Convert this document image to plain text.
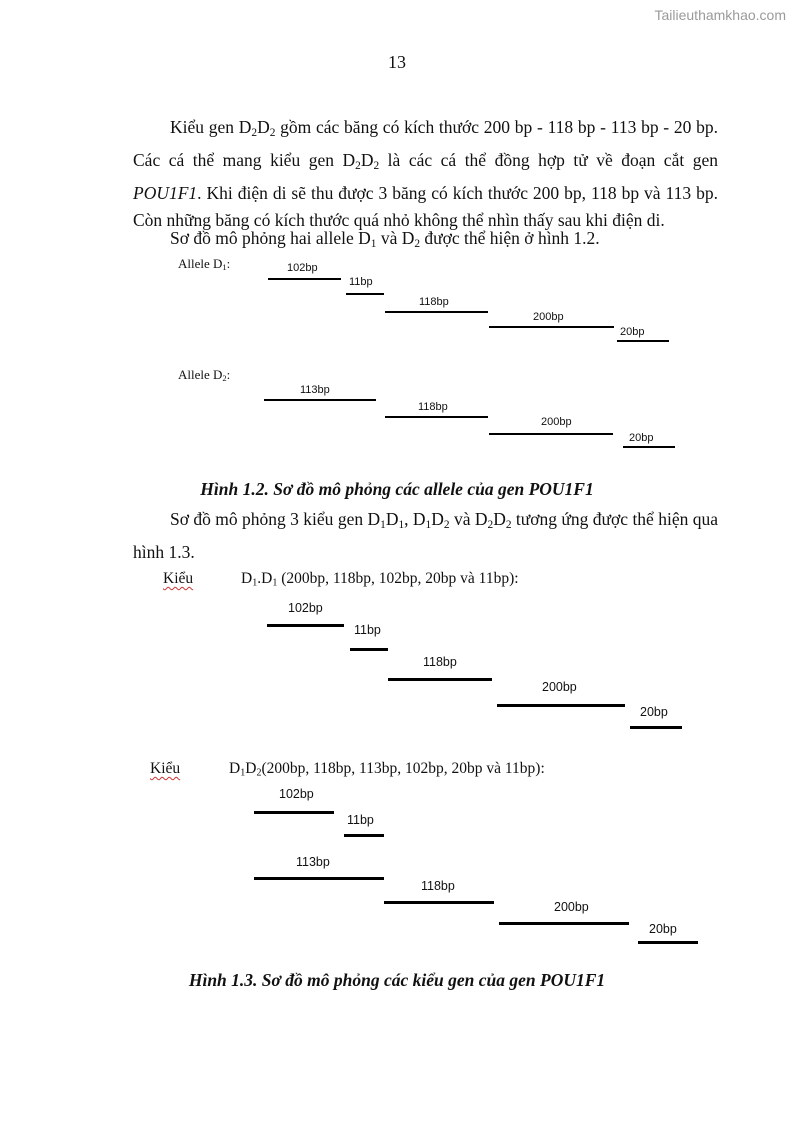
Tailieuthamkhao.com
13
Kiểu gen $D_2D_2$ gồm các băng có kích thước 200 bp - 118 bp - 113 bp - 20 bp. Các cá thể mang kiểu gen $D_2D_2$ là các cá thể đồng hợp tử về đoạn cắt gen POU1F1. Khi điện di sẽ thu được 3 băng có kích thước 200 bp, 118 bp và 113 bp. Còn những băng có kích thước quá nhỏ không thể nhìn thấy sau khi điện di.
Sơ đồ mô phỏng hai allele $D_1$ và $D_2$ được thể hiện ở hình 1.2.
Allele $D_1$:	102bp
11bp
118bp
200bp
20bp
Allele $D_2$:
113bp
118bp
200bp
20bp
Hình 1.2. Sơ đồ mô phỏng các allele của gen POU1F1
Sơ đồ mô phỏng 3 kiểu gen $D_1D_1$, $D_1D_2$ và $D_2D_2$ tương ứng được thể hiện qua hình 1.3.
Kiểu	$D_1.D_1$ (200bp, 118bp, 102bp, 20bp và 11bp):
102bp
11bp
118bp
200bp
20bp
Kiểu	$D_1D_2(200bp$, 118bp, 113bp, 102bp, 20bp và 11bp):
102bp
11bp
113bp
118bp
200bp
20bp
Hình 1.3. Sơ đồ mô phỏng các kiểu gen của gen POU1F1
